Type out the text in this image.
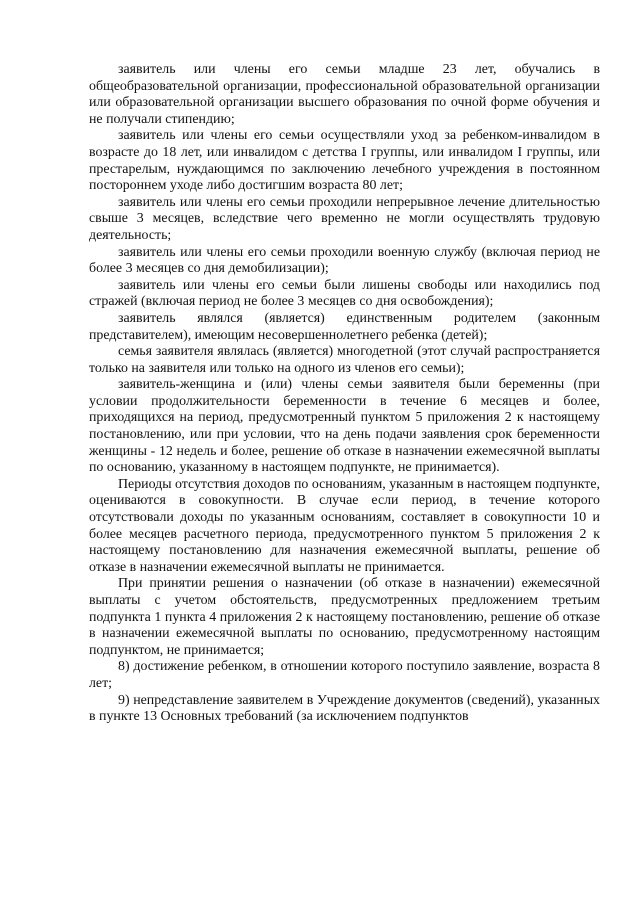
заявитель или члены его семьи младше 23 лет, обучались в общеобразовательной организации, профессиональной образовательной организации или образовательной организации высшего образования по очной форме обучения и не получали стипендию;

заявитель или члены его семьи осуществляли уход за ребенком-инвалидом в возрасте до 18 лет, или инвалидом с детства I группы, или инвалидом I группы, или престарелым, нуждающимся по заключению лечебного учреждения в постоянном постороннем уходе либо достигшим возраста 80 лет;

заявитель или члены его семьи проходили непрерывное лечение длительностью свыше 3 месяцев, вследствие чего временно не могли осуществлять трудовую деятельность;

заявитель или члены его семьи проходили военную службу (включая период не более 3 месяцев со дня демобилизации);

заявитель или члены его семьи были лишены свободы или находились под стражей (включая период не более 3 месяцев со дня освобождения);

заявитель являлся (является) единственным родителем (законным представителем), имеющим несовершеннолетнего ребенка (детей);

семья заявителя являлась (является) многодетной (этот случай распространяется только на заявителя или только на одного из членов его семьи);

заявитель-женщина и (или) члены семьи заявителя были беременны (при условии продолжительности беременности в течение 6 месяцев и более, приходящихся на период, предусмотренный пунктом 5 приложения 2 к настоящему постановлению, или при условии, что на день подачи заявления срок беременности женщины - 12 недель и более, решение об отказе в назначении ежемесячной выплаты по основанию, указанному в настоящем подпункте, не принимается).

Периоды отсутствия доходов по основаниям, указанным в настоящем подпункте, оцениваются в совокупности. В случае если период, в течение которого отсутствовали доходы по указанным основаниям, составляет в совокупности 10 и более месяцев расчетного периода, предусмотренного пунктом 5 приложения 2 к настоящему постановлению для назначения ежемесячной выплаты, решение об отказе в назначении ежемесячной выплаты не принимается.

При принятии решения о назначении (об отказе в назначении) ежемесячной выплаты с учетом обстоятельств, предусмотренных предложением третьим подпункта 1 пункта 4 приложения 2 к настоящему постановлению, решение об отказе в назначении ежемесячной выплаты по основанию, предусмотренному настоящим подпунктом, не принимается;

8) достижение ребенком, в отношении которого поступило заявление, возраста 8 лет;

9) непредставление заявителем в Учреждение документов (сведений), указанных в пункте 13 Основных требований (за исключением подпунктов
